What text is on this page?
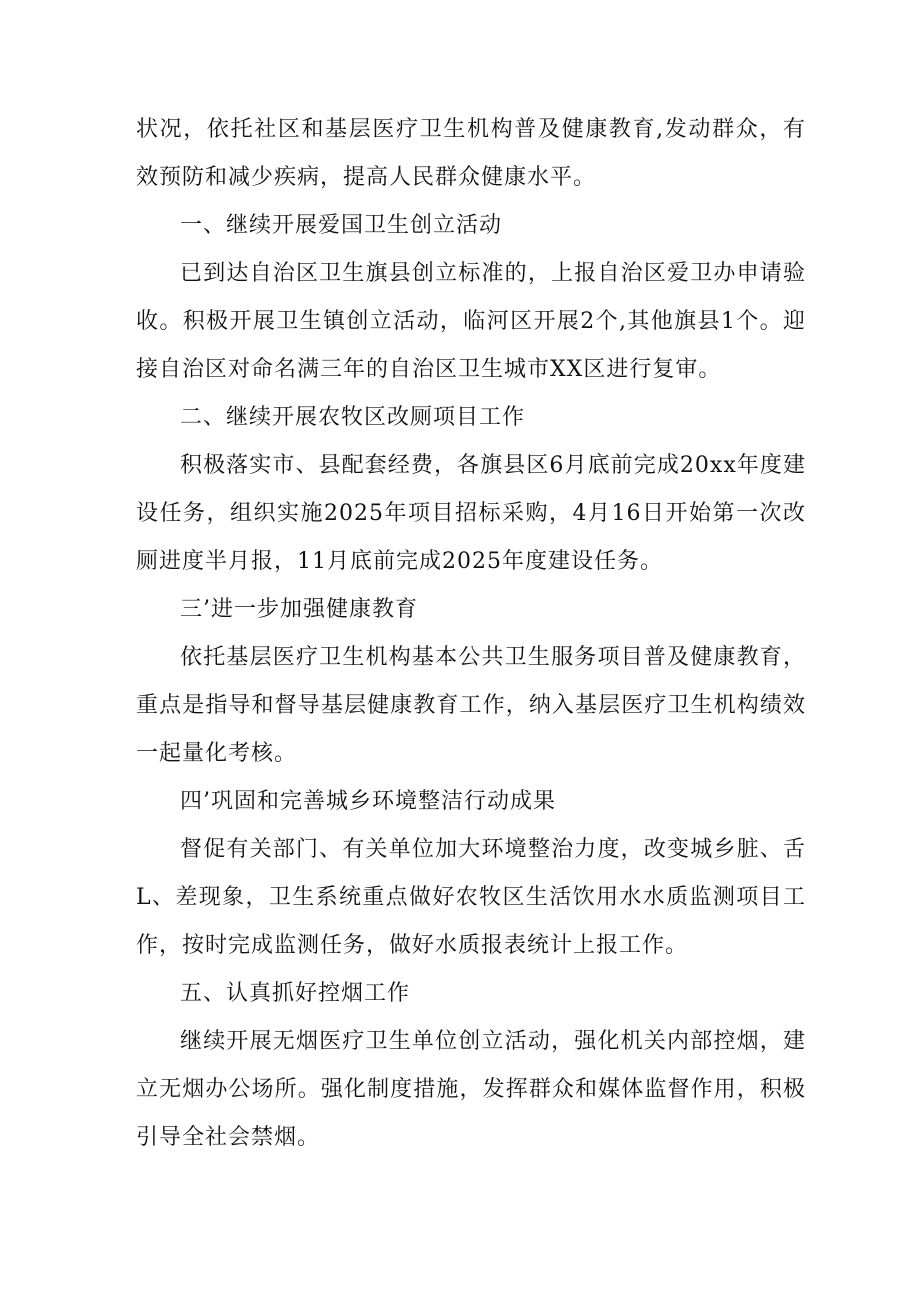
状况，依托社区和基层医疗卫生机构普及健康教育,发动群众，有效预防和减少疾病，提高人民群众健康水平。

一、继续开展爱国卫生创立活动

已到达自治区卫生旗县创立标准的，上报自治区爱卫办申请验收。积极开展卫生镇创立活动，临河区开展2个,其他旗县1个。迎接自治区对命名满三年的自治区卫生城市XX区进行复审。

二、继续开展农牧区改厕项目工作

积极落实市、县配套经费，各旗县区6月底前完成20xx年度建设任务，组织实施2025年项目招标采购，4月16日开始第一次改厕进度半月报，11月底前完成2025年度建设任务。

三’进一步加强健康教育

依托基层医疗卫生机构基本公共卫生服务项目普及健康教育，重点是指导和督导基层健康教育工作，纳入基层医疗卫生机构绩效一起量化考核。

四’巩固和完善城乡环境整洁行动成果

督促有关部门、有关单位加大环境整治力度，改变城乡脏、舌L、差现象，卫生系统重点做好农牧区生活饮用水水质监测项目工作，按时完成监测任务，做好水质报表统计上报工作。

五、认真抓好控烟工作

继续开展无烟医疗卫生单位创立活动，强化机关内部控烟，建立无烟办公场所。强化制度措施，发挥群众和媒体监督作用，积极引导全社会禁烟。
